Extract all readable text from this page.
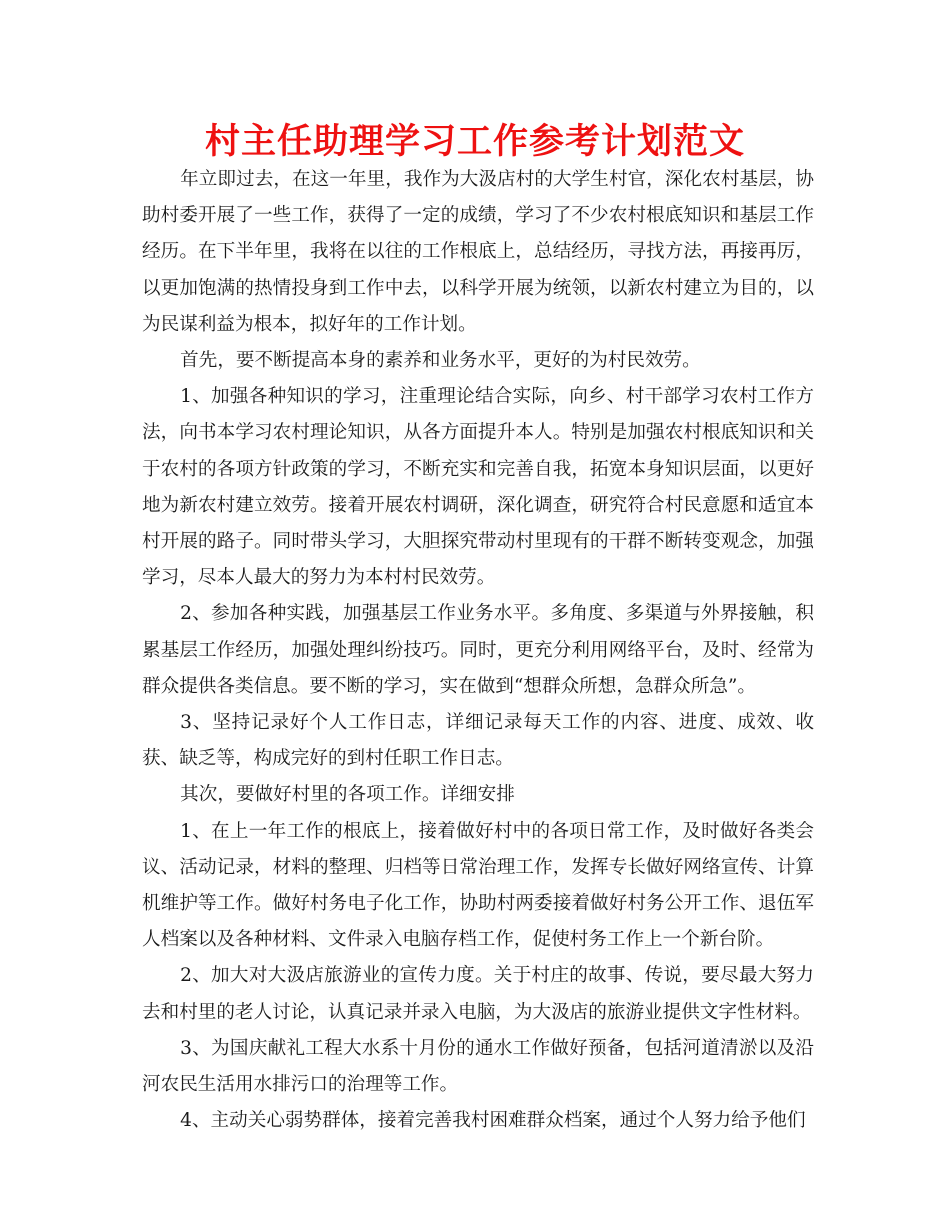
村主任助理学习工作参考计划范文

年立即过去，在这一年里，我作为大汲店村的大学生村官，深化农村基层，协助村委开展了一些工作，获得了一定的成绩，学习了不少农村根底知识和基层工作经历。在下半年里，我将在以往的工作根底上，总结经历，寻找方法，再接再厉，以更加饱满的热情投身到工作中去，以科学开展为统领，以新农村建立为目的，以为民谋利益为根本，拟好年的工作计划。

首先，要不断提高本身的素养和业务水平，更好的为村民效劳。

1、加强各种知识的学习，注重理论结合实际，向乡、村干部学习农村工作方法，向书本学习农村理论知识，从各方面提升本人。特别是加强农村根底知识和关于农村的各项方针政策的学习，不断充实和完善自我，拓宽本身知识层面，以更好地为新农村建立效劳。接着开展农村调研，深化调查，研究符合村民意愿和适宜本村开展的路子。同时带头学习，大胆探究带动村里现有的干群不断转变观念，加强学习，尽本人最大的努力为本村村民效劳。

2、参加各种实践，加强基层工作业务水平。多角度、多渠道与外界接触，积累基层工作经历，加强处理纠纷技巧。同时，更充分利用网络平台，及时、经常为群众提供各类信息。要不断的学习，实在做到“想群众所想，急群众所急”。

3、坚持记录好个人工作日志，详细记录每天工作的内容、进度、成效、收获、缺乏等，构成完好的到村任职工作日志。

其次，要做好村里的各项工作。详细安排

1、在上一年工作的根底上，接着做好村中的各项日常工作，及时做好各类会议、活动记录，材料的整理、归档等日常治理工作，发挥专长做好网络宣传、计算机维护等工作。做好村务电子化工作，协助村两委接着做好村务公开工作、退伍军人档案以及各种材料、文件录入电脑存档工作，促使村务工作上一个新台阶。

2、加大对大汲店旅游业的宣传力度。关于村庄的故事、传说，要尽最大努力去和村里的老人讨论，认真记录并录入电脑，为大汲店的旅游业提供文字性材料。

3、为国庆献礼工程大水系十月份的通水工作做好预备，包括河道清淤以及沿河农民生活用水排污口的治理等工作。

4、主动关心弱势群体，接着完善我村困难群众档案，通过个人努力给予他们
